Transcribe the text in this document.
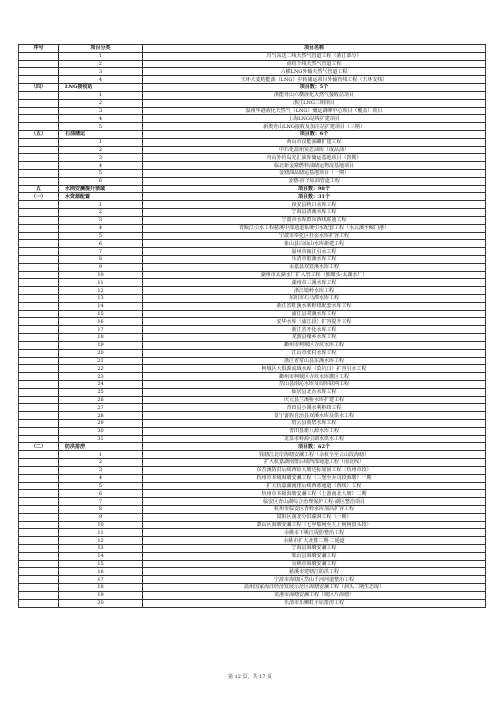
序号	项目分类	项目名称
	1	川气东送二线天然气管道工程（浙江部分）
	2	甬绍干线天然气管道工程
	3	六横LNG外输天然气管道工程
	4	玉环大麦屿能源（LNG）中转储运项目外输管线工程（玉环支线）
（四）	LNG接收站	项目数：5个
	1	浙能舟山六横液化天然气接收站项目
	2	浙江LNG三期项目
	3	温州华港液化天然气（LNG）储运调峰中心项目（覆盖）项目
	4	上海LNG站线扩建项目
	5	新奥舟山LNG接收及加注站扩建项目（三期）
（五）	石油储运	项目数：6个
	1	黄山市汉能油罐扩建工程
	2	中石化温州炭思油库（成品油）
	3	舟山外钓岛光汇油库储运基地项目（四期）
	4	临北新金寨燃料油储运物流基地项目
	5	金塘油品储运基地项目（一期）
	6	金塘-浒子原油管道工程
五	水网安澜提升领域	项目数：98个
（一）	水资源配置	项目数：31个
	1	淳安县秋口水库工程
	2	宁海县清溪水库工程
	3	宁波市水库群东西线联通工程
	4	青瓯江引水工程慈溪中部通道系统引水配套工程（水云溪至鲸门港）
	5	宁波市奉化区杜岙水库扩容工程
	6	象山县白仙山水库新建工程
	7	温州市瓯江引水工程
	8	乐清市银溪水库工程
	9	永嘉县双箬溪水库工程
	10	湖州市太湖水厂扩入管工程（独塘头-太湖水厂）
	11	湖州市三溪水库工程
	12	浙江镜岭水库工程
	13	东阳市石马潭水库工程
	14	浙江省虹溪水利枢纽配套水库工程
	15	浦江县双溪水库工程
	16	安华水库（浦江段）扩容提升工程
	17	浙江省开化水库工程
	18	龙游县缘乡水库工程
	19	衢州市柯城区寺坑水库工程
	20	江山市张村水库工程
	21	浙江省常山县东溪水库工程
	22	柯城区大俱源流域水库（莫坑口）扩容引水工程
	23	衢州市柯城区寺坑水库灌区工程
	24	岱山县南沁水库及周库联网工程
	25	仙居县北岙水库工程
	26	庆元县兰溪桥水库扩建工程
	27	青田县小溪水利枢纽工程
	28	景宁畲族自治县双溪水库及供水工程
	29	缙云县黄碧水库工程
	30	青田县新八源水库工程
	31	龙泉市岭源引调水供水工程
（二）	防洪排涝	项目数：62个
	1	钱塘江北岸海塘安澜工程（余杭全至云山段海塘）
	2	扩大杭嘉湖南排后续西部通道工程（南北线）
	3	东苕溪防洪后续西险大塘达标加固工程（杭州市段）
	4	杭州市本级海塘安澜工程（三堡至乔司段海塘）一期
	5	扩大杭嘉湖南排后续西部通道（西线）工程
	6	杭州市本级海塘安澜工程（上游南北大塘）二期
	7	临安区青山湖综合治理保护工程-湖区整治项目
	8	杭州市临安区青岭水库加高扩容工程
	9	富阳区南北分洪湖洞工程（一期）
	10	萧山区海塘安澜工程（七甲船闸至九上闸闸盘头段）
	11	余姚市下姚江堤防整治工程
	12	余姚市扩大北排二期·二通道
	13	宁海县海塘安澜工程
	14	象山县海塘安澜工程
	15	余姚市海塘安澜工程
	16	慈溪市建塘江防洪工程
	17	宁波市海塘区岱山千河河道整治工程
	18	温州国家海洋经济发展示范区海塘安澜工程（洞头二期生态堤）
	19	龙港市海塘安澜工程（城区片海塘）
	20	乐清市乐柳虹平原排涝工程
第 12 页，共 17 页
